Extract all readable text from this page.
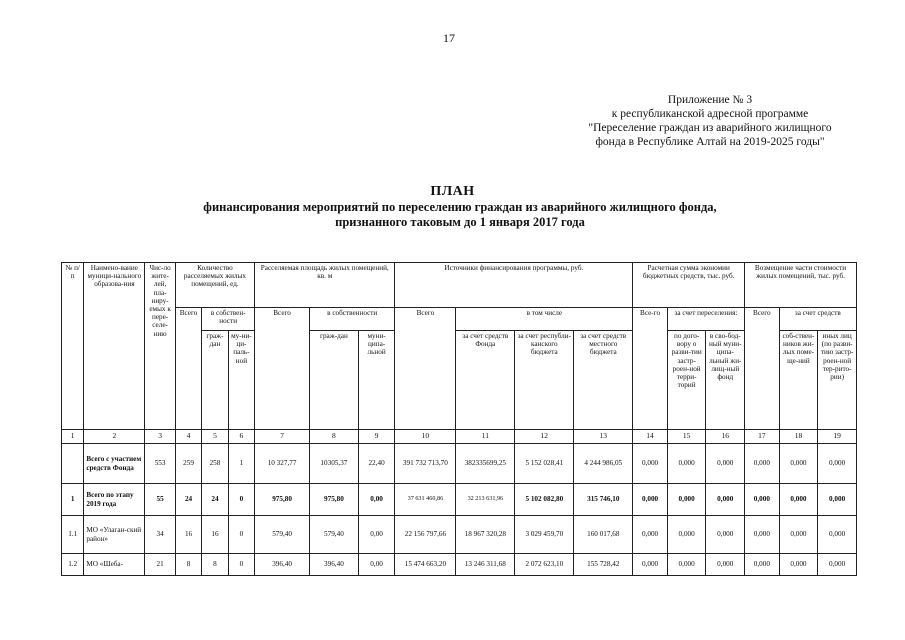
17
Приложение № 3
к республиканской адресной программе
"Переселение граждан из аварийного жилищного
фонда в Республике Алтай на 2019-2025 годы"
ПЛАН
финансирования мероприятий по переселению граждан из аварийного жилищного фонда,
признанного таковым до 1 января 2017 года
№ п/п	Наимено-вание муници-нального образова-ния	Чис-ло жите-лей, пла-ниру-емых к пере-селе-нию	Количество расселяемых жилых помещений, ед.			Расселяемая площадь жилых помещений, кв. м			Источники финансирования программы, руб.				Расчетная сумма экономии бюджетных средств, тыс. руб.			Возмещение части стоимости жилых помещений, тыс. руб.		
			Всего	в собствен-ности		Всего	в собственности		Всего	в том числе			Все-го	за счет переселения:		Всего	за счет средств	
				граж-дан	му-ни-ци-паль-ной		граж-дан	муни-ципа-льной		за счет средств Фонда	за счет республи-канского бюджета	за счет средств местного бюджета		по дого-вору о разви-тии застр-роен-ной терри-торий	в сво-бод-ный муни-ципа-льный жи-лищ-ный фонд		соб-ствен-ников жи-лых поме-ще-ний	иных лиц (по разви-тию застр-роен-ной тер-рито-рии)
1	2	3	4	5	6	7	8	9	10	11	12	13	14	15	16	17	18	19
	Всего с участием средств Фонда	553	259	258	1	10 327,77	10305,37	22,40	391 732 713,70	382335699,25	5 152 028,41	4 244 986,05	0,000	0,000	0,000	0,000	0,000	0,000
1	Всего по этапу 2019 года	55	24	24	0	975,80	975,80	0,00	37 631 460,86	32 213 631,96	5 102 082,80	315 746,10	0,000	0,000	0,000	0,000	0,000	0,000
1.1	МО «Улаган-ский район»	34	16	16	0	579,40	579,40	0,00	22 156 797,66	18 967 320,28	3 029 459,70	160 017,68	0,000	0,000	0,000	0,000	0,000	0,000
1.2	МО «Шеба-	21	8	8	0	396,40	396,40	0,00	15 474 663,20	13 246 311,68	2 072 623,10	155 728,42	0,000	0,000	0,000	0,000	0,000	0,000
